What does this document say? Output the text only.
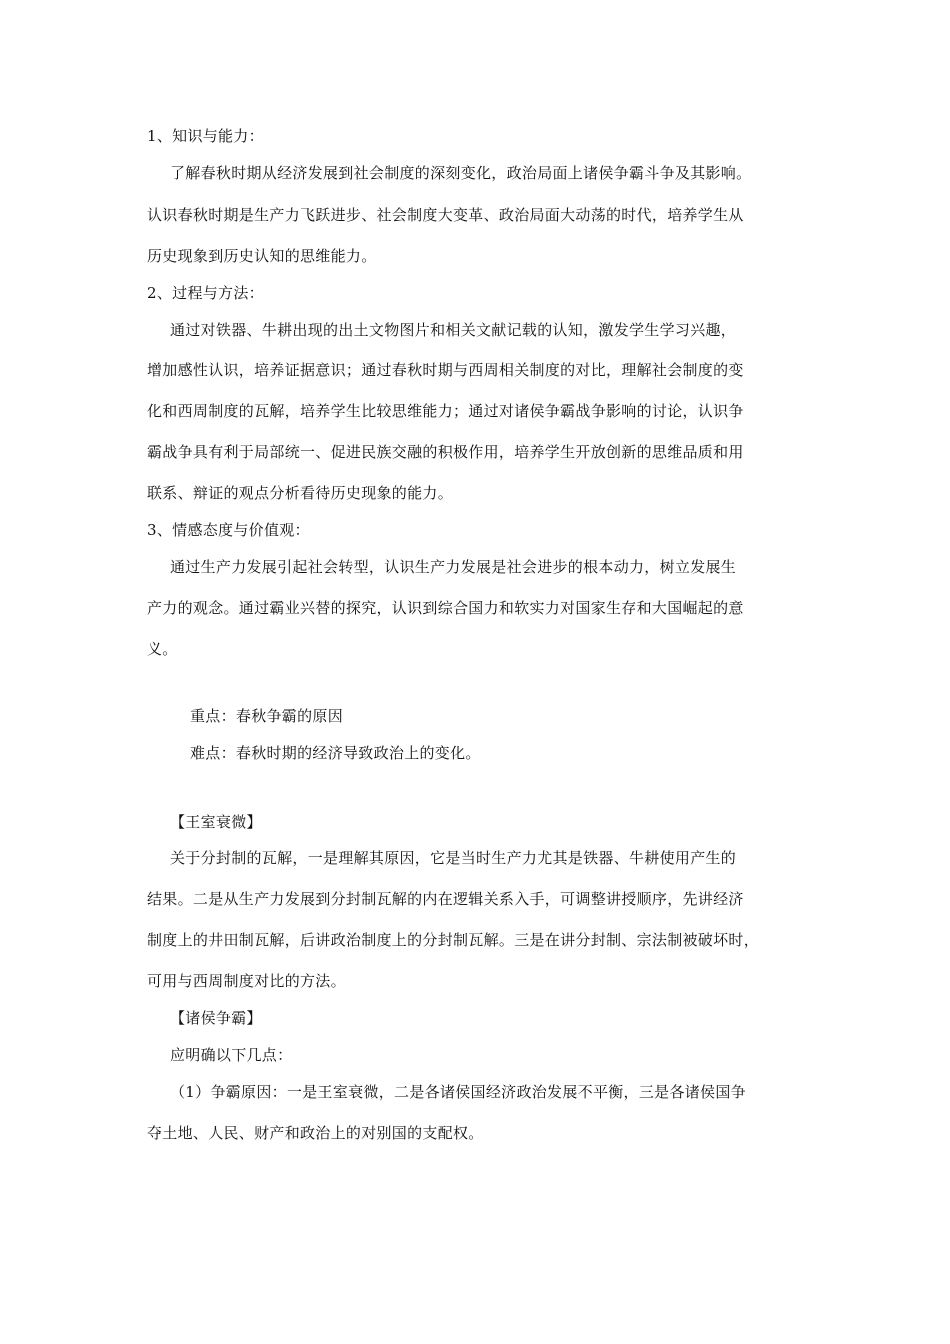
1、知识与能力：
了解春秋时期从经济发展到社会制度的深刻变化，政治局面上诸侯争霸斗争及其影响。
认识春秋时期是生产力飞跃进步、社会制度大变革、政治局面大动荡的时代，培养学生从
历史现象到历史认知的思维能力。
2、过程与方法：
通过对铁器、牛耕出现的出土文物图片和相关文献记载的认知，激发学生学习兴趣，
增加感性认识，培养证据意识；通过春秋时期与西周相关制度的对比，理解社会制度的变
化和西周制度的瓦解，培养学生比较思维能力；通过对诸侯争霸战争影响的讨论，认识争
霸战争具有利于局部统一、促进民族交融的积极作用，培养学生开放创新的思维品质和用
联系、辩证的观点分析看待历史现象的能力。
3、情感态度与价值观：
通过生产力发展引起社会转型，认识生产力发展是社会进步的根本动力，树立发展生
产力的观念。通过霸业兴替的探究，认识到综合国力和软实力对国家生存和大国崛起的意
义。
重点：春秋争霸的原因
难点：春秋时期的经济导致政治上的变化。
【王室衰微】
关于分封制的瓦解，一是理解其原因，它是当时生产力尤其是铁器、牛耕使用产生的
结果。二是从生产力发展到分封制瓦解的内在逻辑关系入手，可调整讲授顺序，先讲经济
制度上的井田制瓦解，后讲政治制度上的分封制瓦解。三是在讲分封制、宗法制被破坏时，
可用与西周制度对比的方法。
【诸侯争霸】
应明确以下几点：
（1）争霸原因：一是王室衰微，二是各诸侯国经济政治发展不平衡，三是各诸侯国争
夺土地、人民、财产和政治上的对别国的支配权。
